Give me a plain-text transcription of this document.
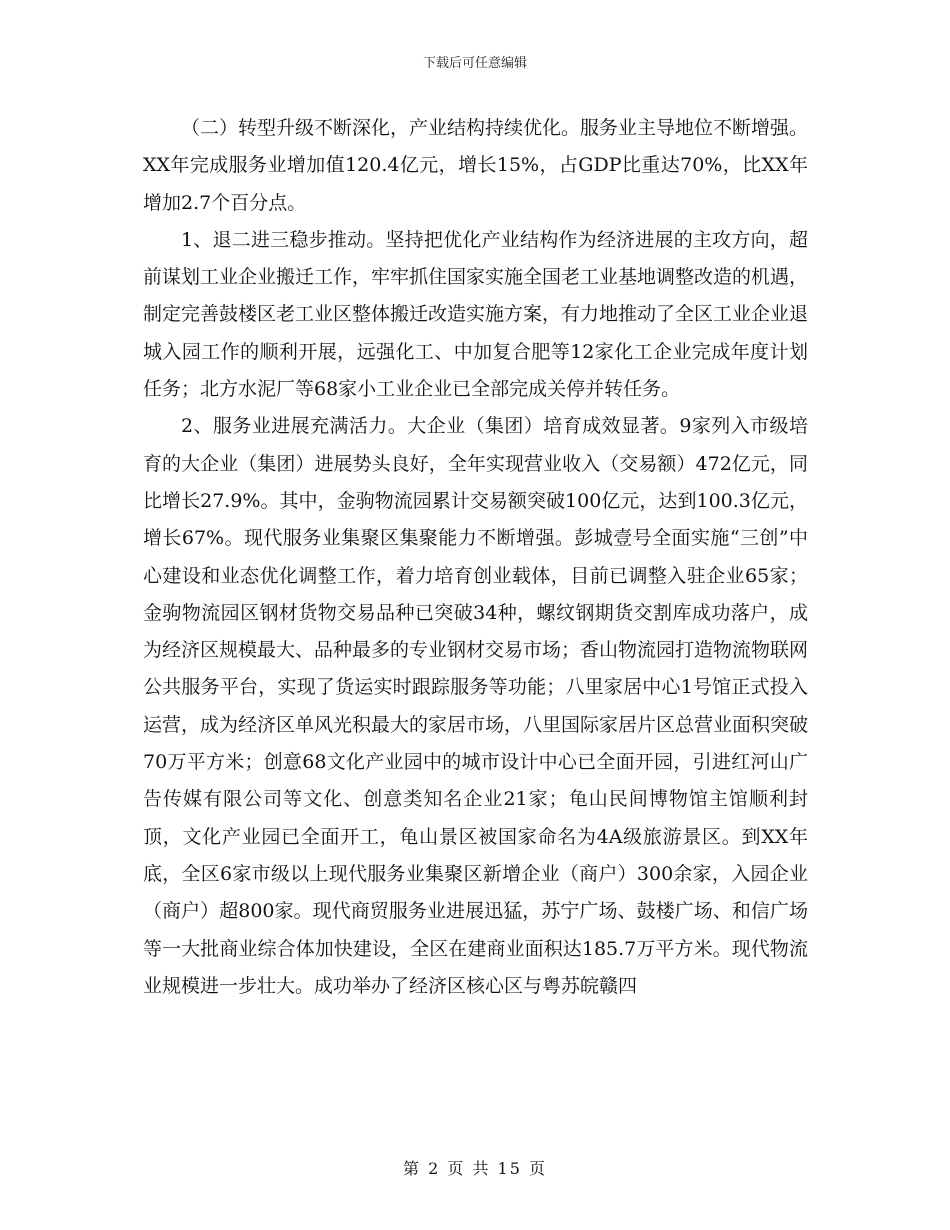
下载后可任意编辑

（二）转型升级不断深化，产业结构持续优化。服务业主导地位不断增强。XX年完成服务业增加值120.4亿元，增长15%，占GDP比重达70%，比XX年增加2.7个百分点。

1、退二进三稳步推动。坚持把优化产业结构作为经济进展的主攻方向，超前谋划工业企业搬迁工作，牢牢抓住国家实施全国老工业基地调整改造的机遇，制定完善鼓楼区老工业区整体搬迁改造实施方案，有力地推动了全区工业企业退城入园工作的顺利开展，远强化工、中加复合肥等12家化工企业完成年度计划任务；北方水泥厂等68家小工业企业已全部完成关停并转任务。

2、服务业进展充满活力。大企业（集团）培育成效显著。9家列入市级培育的大企业（集团）进展势头良好，全年实现营业收入（交易额）472亿元，同比增长27.9%。其中，金驹物流园累计交易额突破100亿元，达到100.3亿元，增长67%。现代服务业集聚区集聚能力不断增强。彭城壹号全面实施“三创”中心建设和业态优化调整工作，着力培育创业载体，目前已调整入驻企业65家；金驹物流园区钢材货物交易品种已突破34种，螺纹钢期货交割库成功落户，成为经济区规模最大、品种最多的专业钢材交易市场；香山物流园打造物流物联网公共服务平台，实现了货运实时跟踪服务等功能；八里家居中心1号馆正式投入运营，成为经济区单风光积最大的家居市场，八里国际家居片区总营业面积突破70万平方米；创意68文化产业园中的城市设计中心已全面开园，引进红河山广告传媒有限公司等文化、创意类知名企业21家；龟山民间博物馆主馆顺利封顶，文化产业园已全面开工，龟山景区被国家命名为4A级旅游景区。到XX年底，全区6家市级以上现代服务业集聚区新增企业（商户）300余家，入园企业（商户）超800家。现代商贸服务业进展迅猛，苏宁广场、鼓楼广场、和信广场等一大批商业综合体加快建设，全区在建商业面积达185.7万平方米。现代物流业规模进一步壮大。成功举办了经济区核心区与粤苏皖赣四

第 2 页 共 15 页
